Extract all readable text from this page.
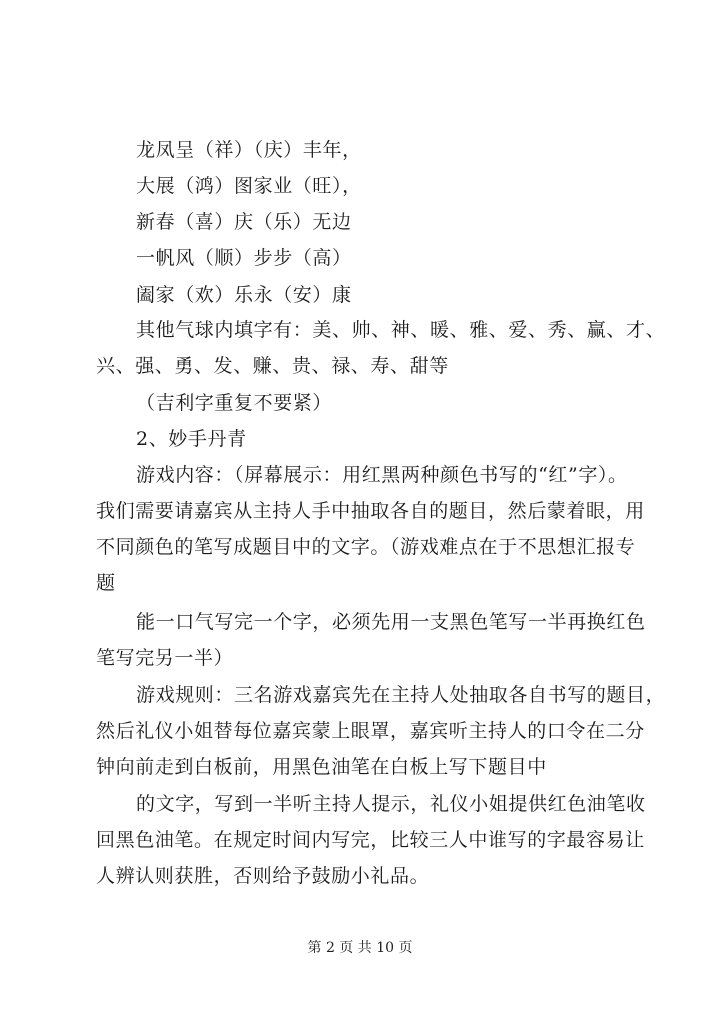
龙凤呈（祥）（庆）丰年，
大展（鸿）图家业（旺），
新春（喜）庆（乐）无边
一帆风（顺）步步（高）
阖家（欢）乐永（安）康
其他气球内填字有：美、帅、神、暖、雅、爱、秀、赢、才、
兴、强、勇、发、赚、贵、禄、寿、甜等
（吉利字重复不要紧）
2、妙手丹青
游戏内容：（屏幕展示：用红黑两种颜色书写的“红”字）。
我们需要请嘉宾从主持人手中抽取各自的题目，然后蒙着眼，用
不同颜色的笔写成题目中的文字。（游戏难点在于不思想汇报专
题
能一口气写完一个字，必须先用一支黑色笔写一半再换红色
笔写完另一半）
游戏规则：三名游戏嘉宾先在主持人处抽取各自书写的题目，
然后礼仪小姐替每位嘉宾蒙上眼罩，嘉宾听主持人的口令在二分
钟向前走到白板前，用黑色油笔在白板上写下题目中
的文字，写到一半听主持人提示，礼仪小姐提供红色油笔收
回黑色油笔。在规定时间内写完，比较三人中谁写的字最容易让
人辨认则获胜，否则给予鼓励小礼品。
第 2 页 共 10 页
